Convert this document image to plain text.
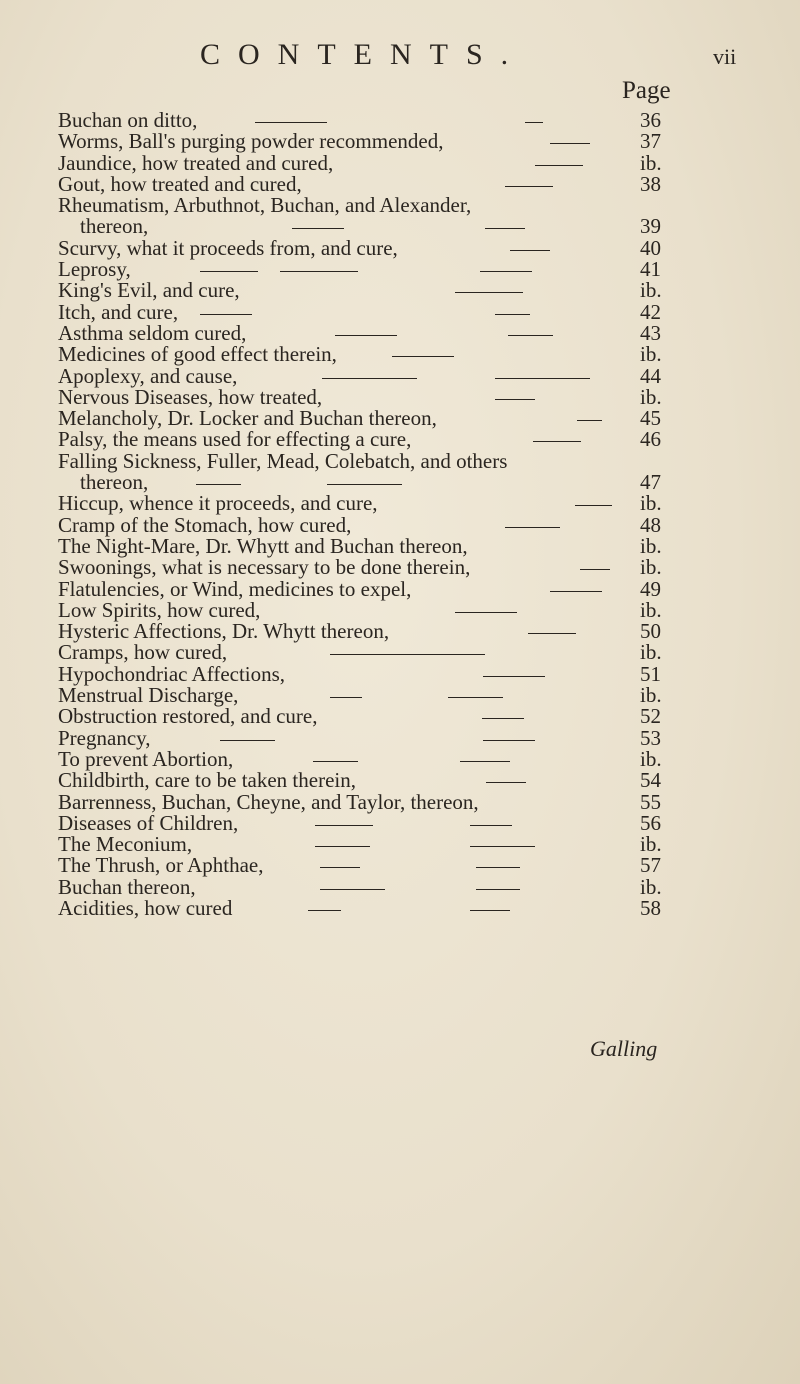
CONTENTS.	vii
Page
Buchan on ditto,	36
Worms, Ball's purging powder recommended,	37
Jaundice, how treated and cured,	ib.
Gout, how treated and cured,	38
Rheumatism, Arbuthnot, Buchan, and Alexander,
thereon,	39
Scurvy, what it proceeds from, and cure,	40
Leprosy,	41
King's Evil, and cure,	ib.
Itch, and cure,	42
Asthma seldom cured,	43
Medicines of good effect therein,	ib.
Apoplexy, and cause,	44
Nervous Diseases, how treated,	ib.
Melancholy, Dr. Locker and Buchan thereon,	45
Palsy, the means used for effecting a cure,	46
Falling Sickness, Fuller, Mead, Colebatch, and others
thereon,	47
Hiccup, whence it proceeds, and cure,	ib.
Cramp of the Stomach, how cured,	48
The Night-Mare, Dr. Whytt and Buchan thereon,	ib.
Swoonings, what is necessary to be done therein,	ib.
Flatulencies, or Wind, medicines to expel,	49
Low Spirits, how cured,	ib.
Hysteric Affections, Dr. Whytt thereon,	50
Cramps, how cured,	ib.
Hypochondriac Affections,	51
Menstrual Discharge,	ib.
Obstruction restored, and cure,	52
Pregnancy,	53
To prevent Abortion,	ib.
Childbirth, care to be taken therein,	54
Barrenness, Buchan, Cheyne, and Taylor, thereon,	55
Diseases of Children,	56
The Meconium,	ib.
The Thrush, or Aphthae,	57
Buchan thereon,	ib.
Acidities, how cured	58
Galling
